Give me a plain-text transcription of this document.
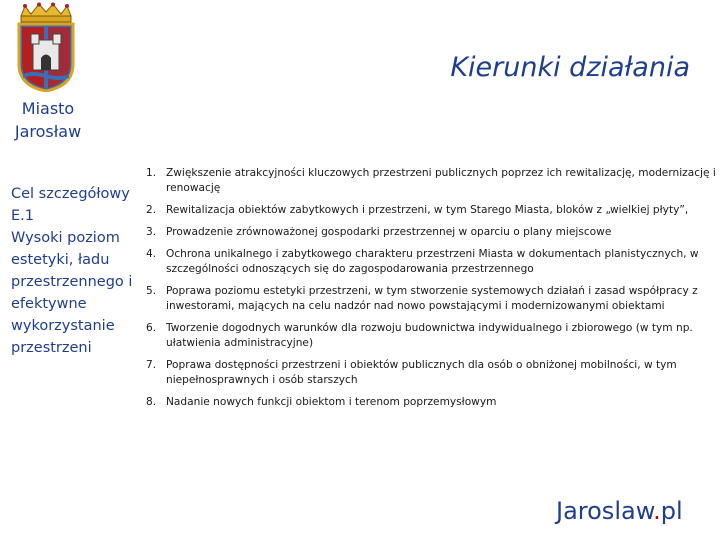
Miasto
Jarosław
Kierunki działania
Cel szczegółowy
E.1
Wysoki poziom
estetyki, ładu
przestrzennego i
efektywne
wykorzystanie
przestrzeni
1. Zwiększenie atrakcyjności kluczowych przestrzeni publicznych poprzez ich rewitalizację, modernizację i renowację
2. Rewitalizacja obiektów zabytkowych i przestrzeni, w tym Starego Miasta, bloków z „wielkiej płyty”,
3. Prowadzenie zrównoważonej gospodarki przestrzennej w oparciu o plany miejscowe
4. Ochrona unikalnego i zabytkowego charakteru przestrzeni Miasta w dokumentach planistycznych, w szczególności odnoszących się do zagospodarowania przestrzennego
5. Poprawa poziomu estetyki przestrzeni, w tym stworzenie systemowych działań i zasad współpracy z inwestorami, mających na celu nadzór nad nowo powstającymi i modernizowanymi obiektami
6. Tworzenie dogodnych warunków dla rozwoju budownictwa indywidualnego i zbiorowego (w tym np. ułatwienia administracyjne)
7. Poprawa dostępności przestrzeni i obiektów publicznych dla osób o obniżonej mobilności, w tym niepełnosprawnych i osób starszych
8. Nadanie nowych funkcji obiektom i terenom poprzemysłowym
Jaroslaw.pl
